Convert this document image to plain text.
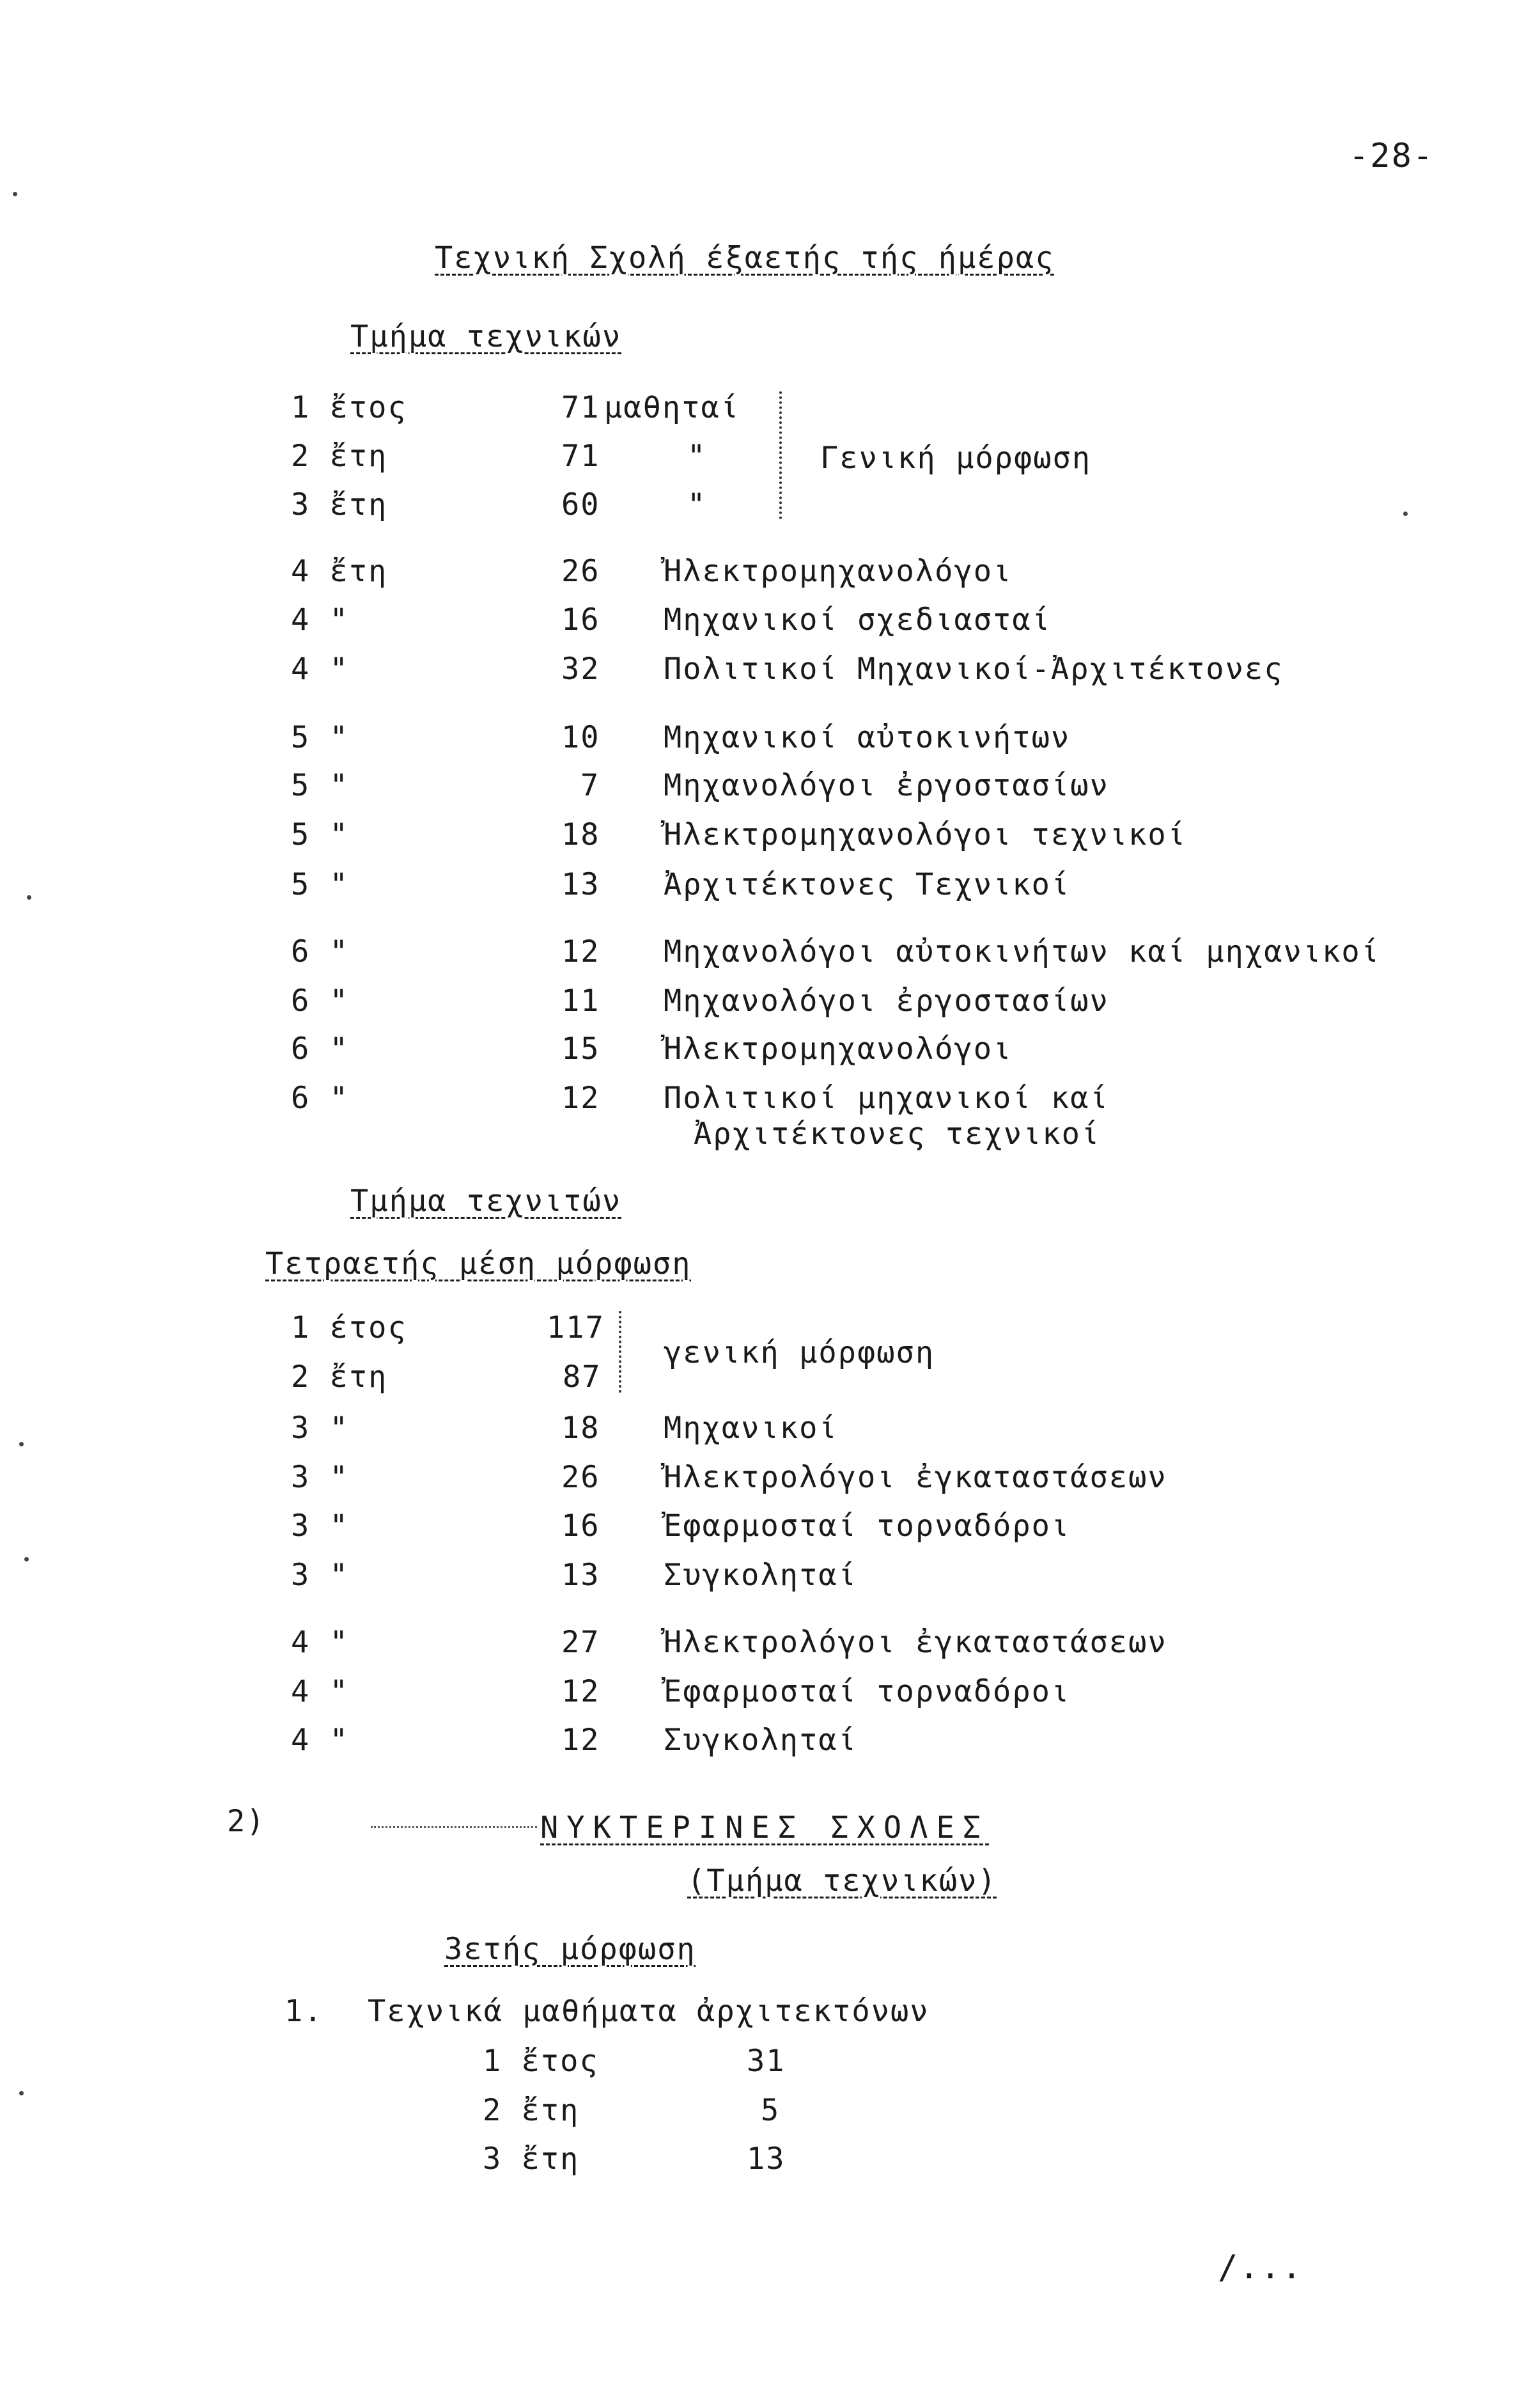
-28-
Τεχνική Σχολή έξαετής τής ήμέρας
Τμήμα τεχνικών
1 ἔτος	71 μαθηταί
2 ἔτη	71	"
3 ἔτη	60	"
Γενική μόρφωση
4 ἔτη	26 Ἠλεκτρομηχανολόγοι
4 "	16 Μηχανικοί σχεδιασταί
4 "	32 Πολιτικοί Μηχανικοί-Ἀρχιτέκτονες
5 "	10 Μηχανικοί αὐτοκινήτων
5 "	7 Μηχανολόγοι ἐργοστασίων
5 "	18 Ἠλεκτρομηχανολόγοι τεχνικοί
5 "	13 Ἀρχιτέκτονες Τεχνικοί
6 "	12 Μηχανολόγοι αὐτοκινήτων καί μηχανικοί
6 "	11 Μηχανολόγοι ἐργοστασίων
6 "	15 Ἠλεκτρομηχανολόγοι
6 "	12 Πολιτικοί μηχανικοί καί
Ἀρχιτέκτονες τεχνικοί
Τμήμα τεχνιτών
Τετραετής μέση μόρφωση
1 έτος	117
2 ἔτη	87
γενική μόρφωση
3 "	18 Μηχανικοί
3 "	26 Ἠλεκτρολόγοι ἐγκαταστάσεων
3 "	16 Ἐφαρμοσταί τορναδόροι
3 "	13 Συγκοληταί
4 "	27 Ἠλεκτρολόγοι ἐγκαταστάσεων
4 "	12 Ἐφαρμοσταί τορναδόροι
4 "	12 Συγκοληταί
2)	ΝΥΚΤΕΡΙΝΕΣ ΣΧΟΛΕΣ
(Τμήμα τεχνικών)
3ετής μόρφωση
1. Τεχνικά μαθήματα ἀρχιτεκτόνων
1 ἔτος	31
2 ἔτη	5
3 ἔτη	13
/...
